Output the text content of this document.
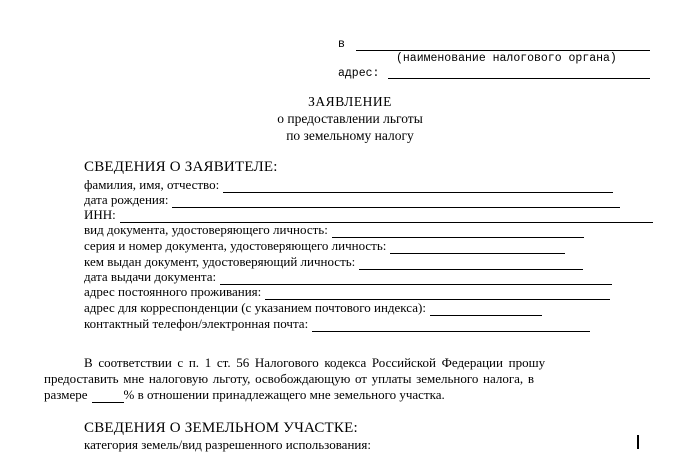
в
(наименование налогового органа)
адрес:
ЗАЯВЛЕНИЕ
о предоставлении льготы
по земельному налогу
СВЕДЕНИЯ О ЗАЯВИТЕЛЕ:
фамилия, имя, отчество:
дата рождения:
ИНН:
вид документа, удостоверяющего личность:
серия и номер документа, удостоверяющего личность:
кем выдан документ, удостоверяющий личность:
дата выдачи документа:
адрес постоянного проживания:
адрес для корреспонденции (с указанием почтового индекса):
контактный телефон/электронная почта:
В соответствии с п. 1 ст. 56 Налогового кодекса Российской Федерации прошу
предоставить мне налоговую льготу, освобождающую от уплаты земельного налога, в
размере	% в отношении принадлежащего мне земельного участка.
СВЕДЕНИЯ О ЗЕМЕЛЬНОМ УЧАСТКЕ:
категория земель/вид разрешенного использования:
